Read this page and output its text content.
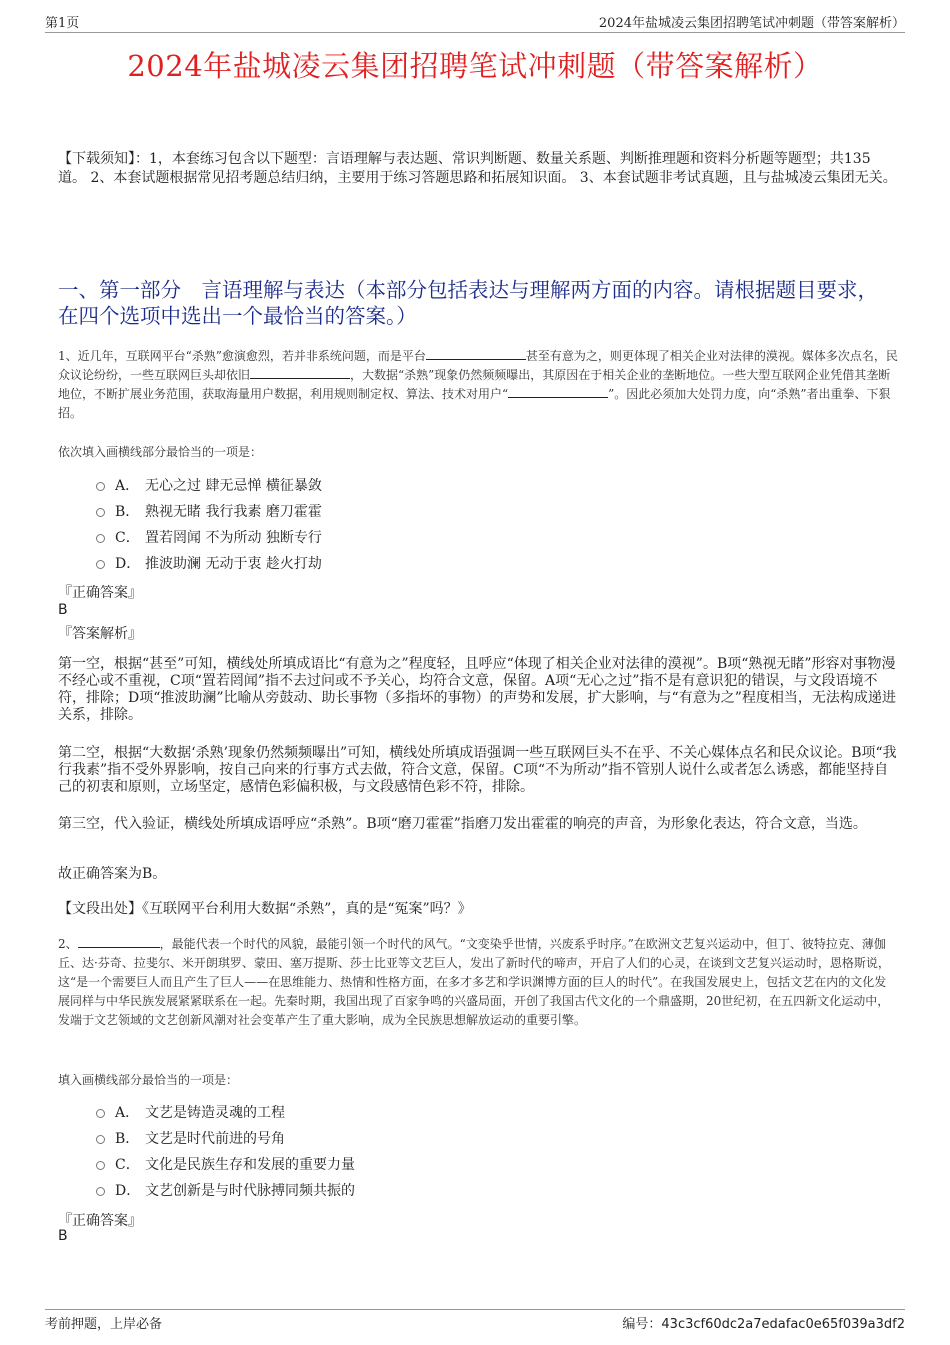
第1页	2024年盐城凌云集团招聘笔试冲刺题（带答案解析）
2024年盐城凌云集团招聘笔试冲刺题（带答案解析）
【下载须知】：1，本套练习包含以下题型：言语理解与表达题、常识判断题、数量关系题、判断推理题和资料分析题等题型；共135道。 2、本套试题根据常见招考题总结归纳，主要用于练习答题思路和拓展知识面。 3、本套试题非考试真题，且与盐城凌云集团无关。
一、第一部分　言语理解与表达（本部分包括表达与理解两方面的内容。请根据题目要求，在四个选项中选出一个最恰当的答案。）
1、近几年，互联网平台“杀熟”愈演愈烈，若并非系统问题，而是平台	甚至有意为之，则更体现了相关企业对法律的漠视。媒体多次点名，民众议论纷纷，一些互联网巨头却依旧	，大数据“杀熟”现象仍然频频曝出，其原因在于相关企业的垄断地位。一些大型互联网企业凭借其垄断地位，不断扩展业务范围，获取海量用户数据，利用规则制定权、算法、技术对用户“	”。因此必须加大处罚力度，向“杀熟”者出重拳、下狠招。
依次填入画横线部分最恰当的一项是：
A． 无心之过 肆无忌惮 横征暴敛
B． 熟视无睹 我行我素 磨刀霍霍
C． 置若罔闻 不为所动 独断专行
D． 推波助澜 无动于衷 趁火打劫
『正确答案』
B
『答案解析』
第一空，根据“甚至”可知，横线处所填成语比“有意为之”程度轻，且呼应“体现了相关企业对法律的漠视”。B项“熟视无睹”形容对事物漫不经心或不重视，C项“置若罔闻”指不去过问或不予关心，均符合文意，保留。A项“无心之过”指不是有意识犯的错误，与文段语境不符，排除；D项“推波助澜”比喻从旁鼓动、助长事物（多指坏的事物）的声势和发展，扩大影响，与“有意为之”程度相当，无法构成递进关系，排除。
第二空，根据“大数据‘杀熟’现象仍然频频曝出”可知，横线处所填成语强调一些互联网巨头不在乎、不关心媒体点名和民众议论。B项“我行我素”指不受外界影响，按自己向来的行事方式去做，符合文意，保留。C项“不为所动”指不管别人说什么或者怎么诱惑，都能坚持自己的初衷和原则，立场坚定，感情色彩偏积极，与文段感情色彩不符，排除。
第三空，代入验证，横线处所填成语呼应“杀熟”。B项“磨刀霍霍”指磨刀发出霍霍的响亮的声音，为形象化表达，符合文意，当选。
故正确答案为B。
【文段出处】《互联网平台利用大数据“杀熟”，真的是“冤案”吗？》
2、	，最能代表一个时代的风貌，最能引领一个时代的风气。“文变染乎世情，兴废系乎时序。”在欧洲文艺复兴运动中，但丁、彼特拉克、薄伽丘、达·芬奇、拉斐尔、米开朗琪罗、蒙田、塞万提斯、莎士比亚等文艺巨人，发出了新时代的啼声，开启了人们的心灵，在谈到文艺复兴运动时，恩格斯说，这“是一个需要巨人而且产生了巨人——在思维能力、热情和性格方面，在多才多艺和学识渊博方面的巨人的时代”。在我国发展史上，包括文艺在内的文化发展同样与中华民族发展紧紧联系在一起。先秦时期，我国出现了百家争鸣的兴盛局面，开创了我国古代文化的一个鼎盛期，20世纪初，在五四新文化运动中，发端于文艺领域的文艺创新风潮对社会变革产生了重大影响，成为全民族思想解放运动的重要引擎。
填入画横线部分最恰当的一项是：
A． 文艺是铸造灵魂的工程
B． 文艺是时代前进的号角
C． 文化是民族生存和发展的重要力量
D． 文艺创新是与时代脉搏同频共振的
『正确答案』
B
考前押题，上岸必备	编号：43c3cf60dc2a7edafac0e65f039a3df2
